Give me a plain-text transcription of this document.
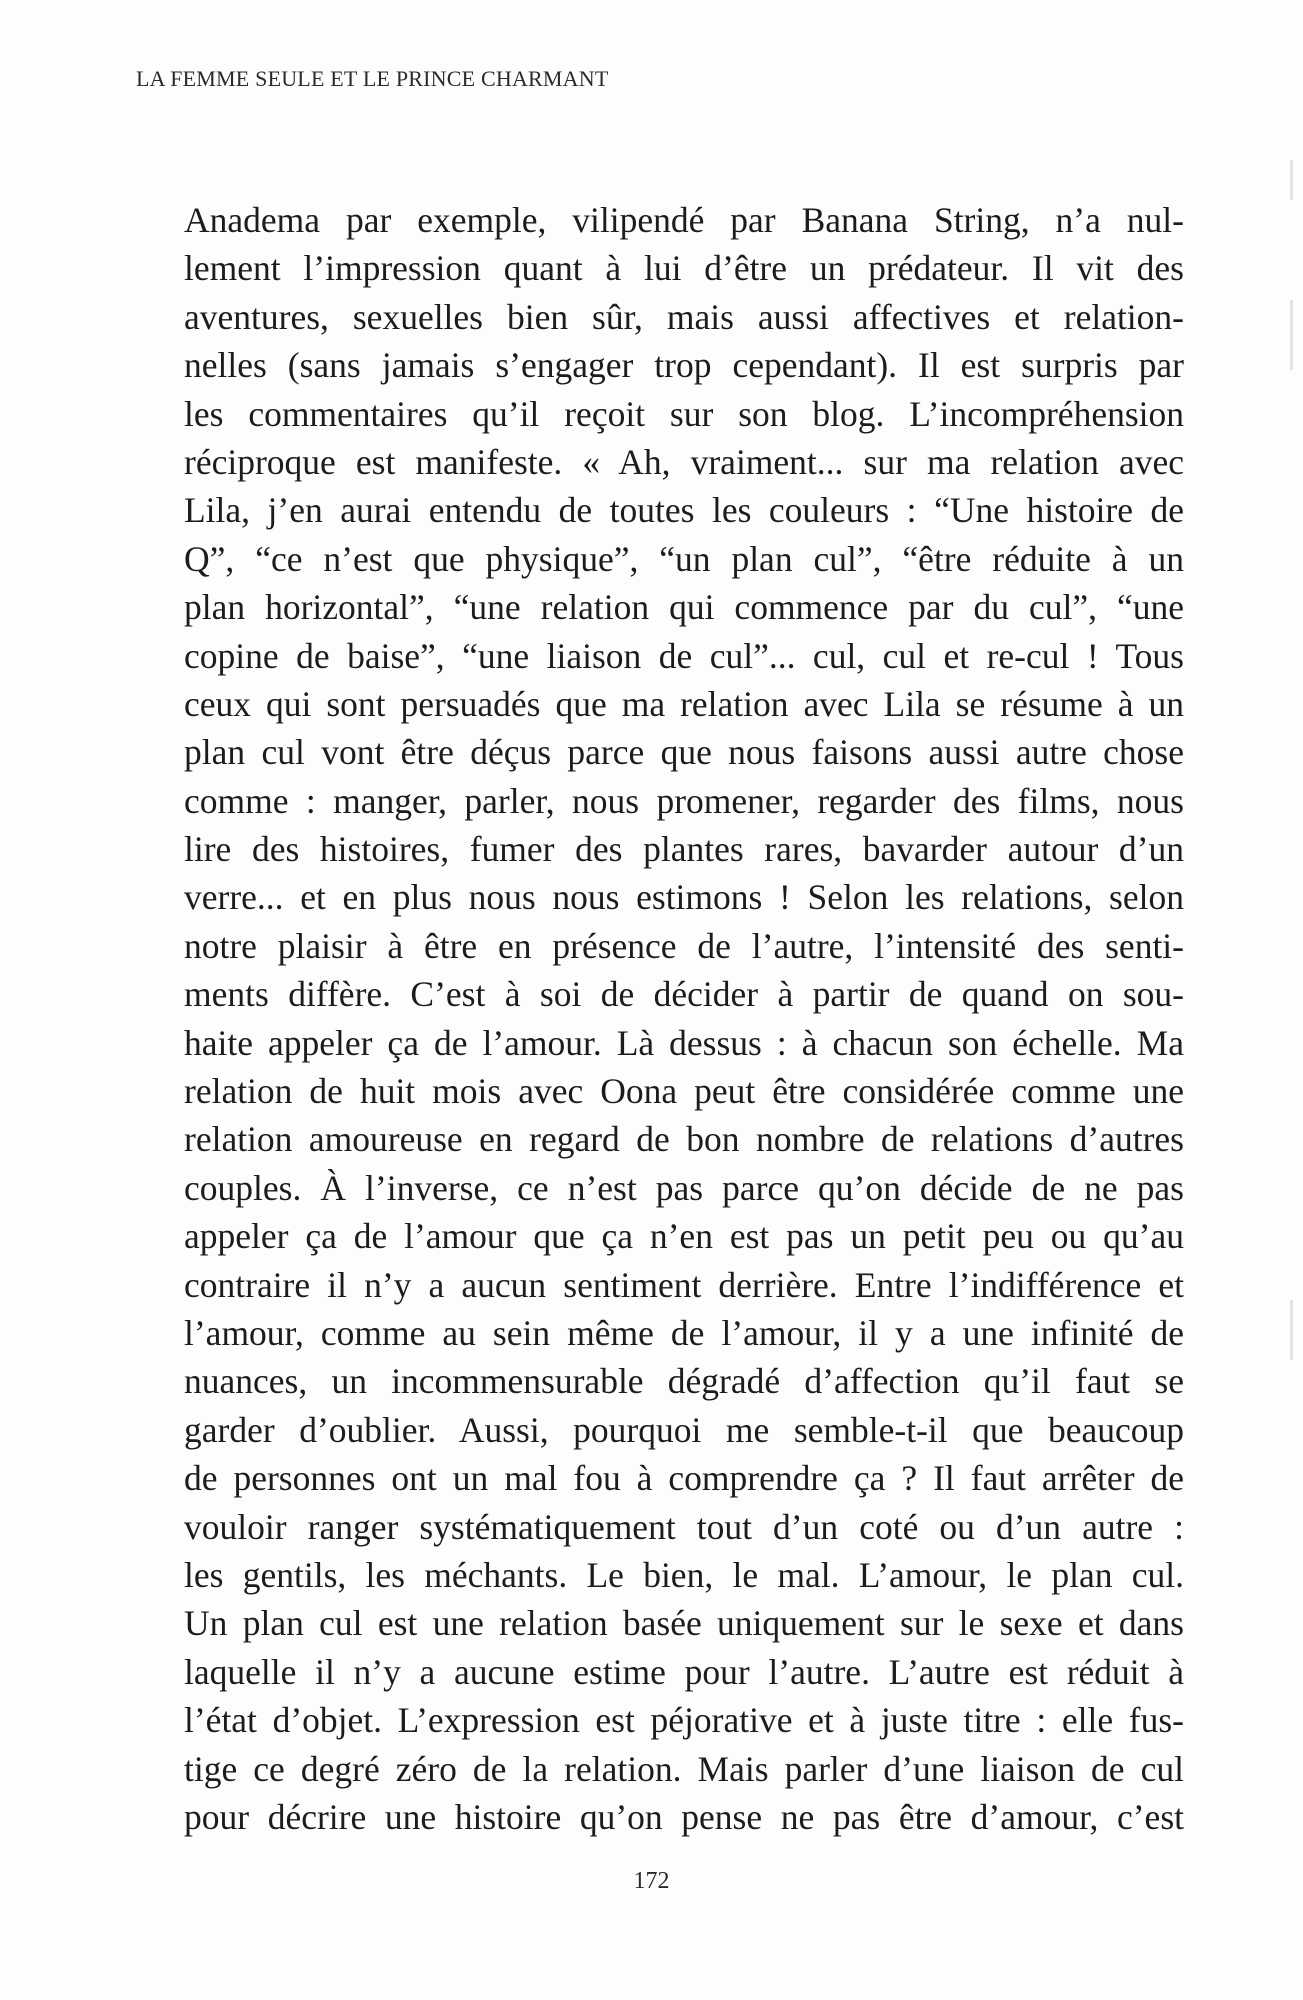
LA FEMME SEULE ET LE PRINCE CHARMANT
Anadema par exemple, vilipendé par Banana String, n’a nul-
lement l’impression quant à lui d’être un prédateur. Il vit des
aventures, sexuelles bien sûr, mais aussi affectives et relation-
nelles (sans jamais s’engager trop cependant). Il est surpris par
les commentaires qu’il reçoit sur son blog. L’incompréhension
réciproque est manifeste. « Ah, vraiment... sur ma relation avec
Lila, j’en aurai entendu de toutes les couleurs : “Une histoire de
Q”, “ce n’est que physique”, “un plan cul”, “être réduite à un
plan horizontal”, “une relation qui commence par du cul”, “une
copine de baise”, “une liaison de cul”... cul, cul et re-cul ! Tous
ceux qui sont persuadés que ma relation avec Lila se résume à un
plan cul vont être déçus parce que nous faisons aussi autre chose
comme : manger, parler, nous promener, regarder des films, nous
lire des histoires, fumer des plantes rares, bavarder autour d’un
verre... et en plus nous nous estimons ! Selon les relations, selon
notre plaisir à être en présence de l’autre, l’intensité des senti-
ments diffère. C’est à soi de décider à partir de quand on sou-
haite appeler ça de l’amour. Là dessus : à chacun son échelle. Ma
relation de huit mois avec Oona peut être considérée comme une
relation amoureuse en regard de bon nombre de relations d’autres
couples. À l’inverse, ce n’est pas parce qu’on décide de ne pas
appeler ça de l’amour que ça n’en est pas un petit peu ou qu’au
contraire il n’y a aucun sentiment derrière. Entre l’indifférence et
l’amour, comme au sein même de l’amour, il y a une infinité de
nuances, un incommensurable dégradé d’affection qu’il faut se
garder d’oublier. Aussi, pourquoi me semble-t-il que beaucoup
de personnes ont un mal fou à comprendre ça ? Il faut arrêter de
vouloir ranger systématiquement tout d’un coté ou d’un autre :
les gentils, les méchants. Le bien, le mal. L’amour, le plan cul.
Un plan cul est une relation basée uniquement sur le sexe et dans
laquelle il n’y a aucune estime pour l’autre. L’autre est réduit à
l’état d’objet. L’expression est péjorative et à juste titre : elle fus-
tige ce degré zéro de la relation. Mais parler d’une liaison de cul
pour décrire une histoire qu’on pense ne pas être d’amour, c’est
172
